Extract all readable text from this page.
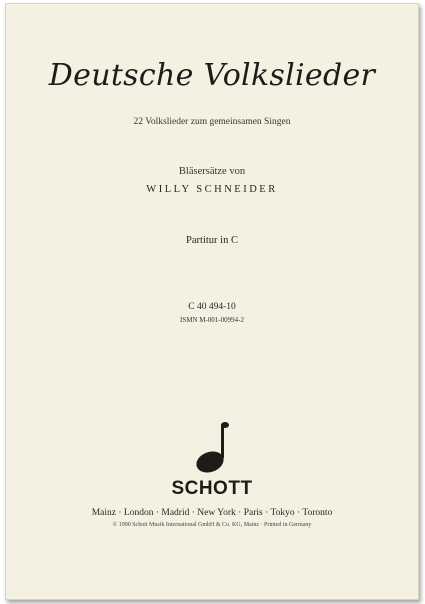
Deutsche Volkslieder
22 Volkslieder zum gemeinsamen Singen
Bläsersätze von
WILLY SCHNEIDER
Partitur in C
C 40 494-10
ISMN M-001-00994-2
SCHOTT
Mainz · London · Madrid · New York · Paris · Tokyo · Toronto
© 1990 Schott Musik International GmbH & Co. KG, Mainz · Printed in Germany
